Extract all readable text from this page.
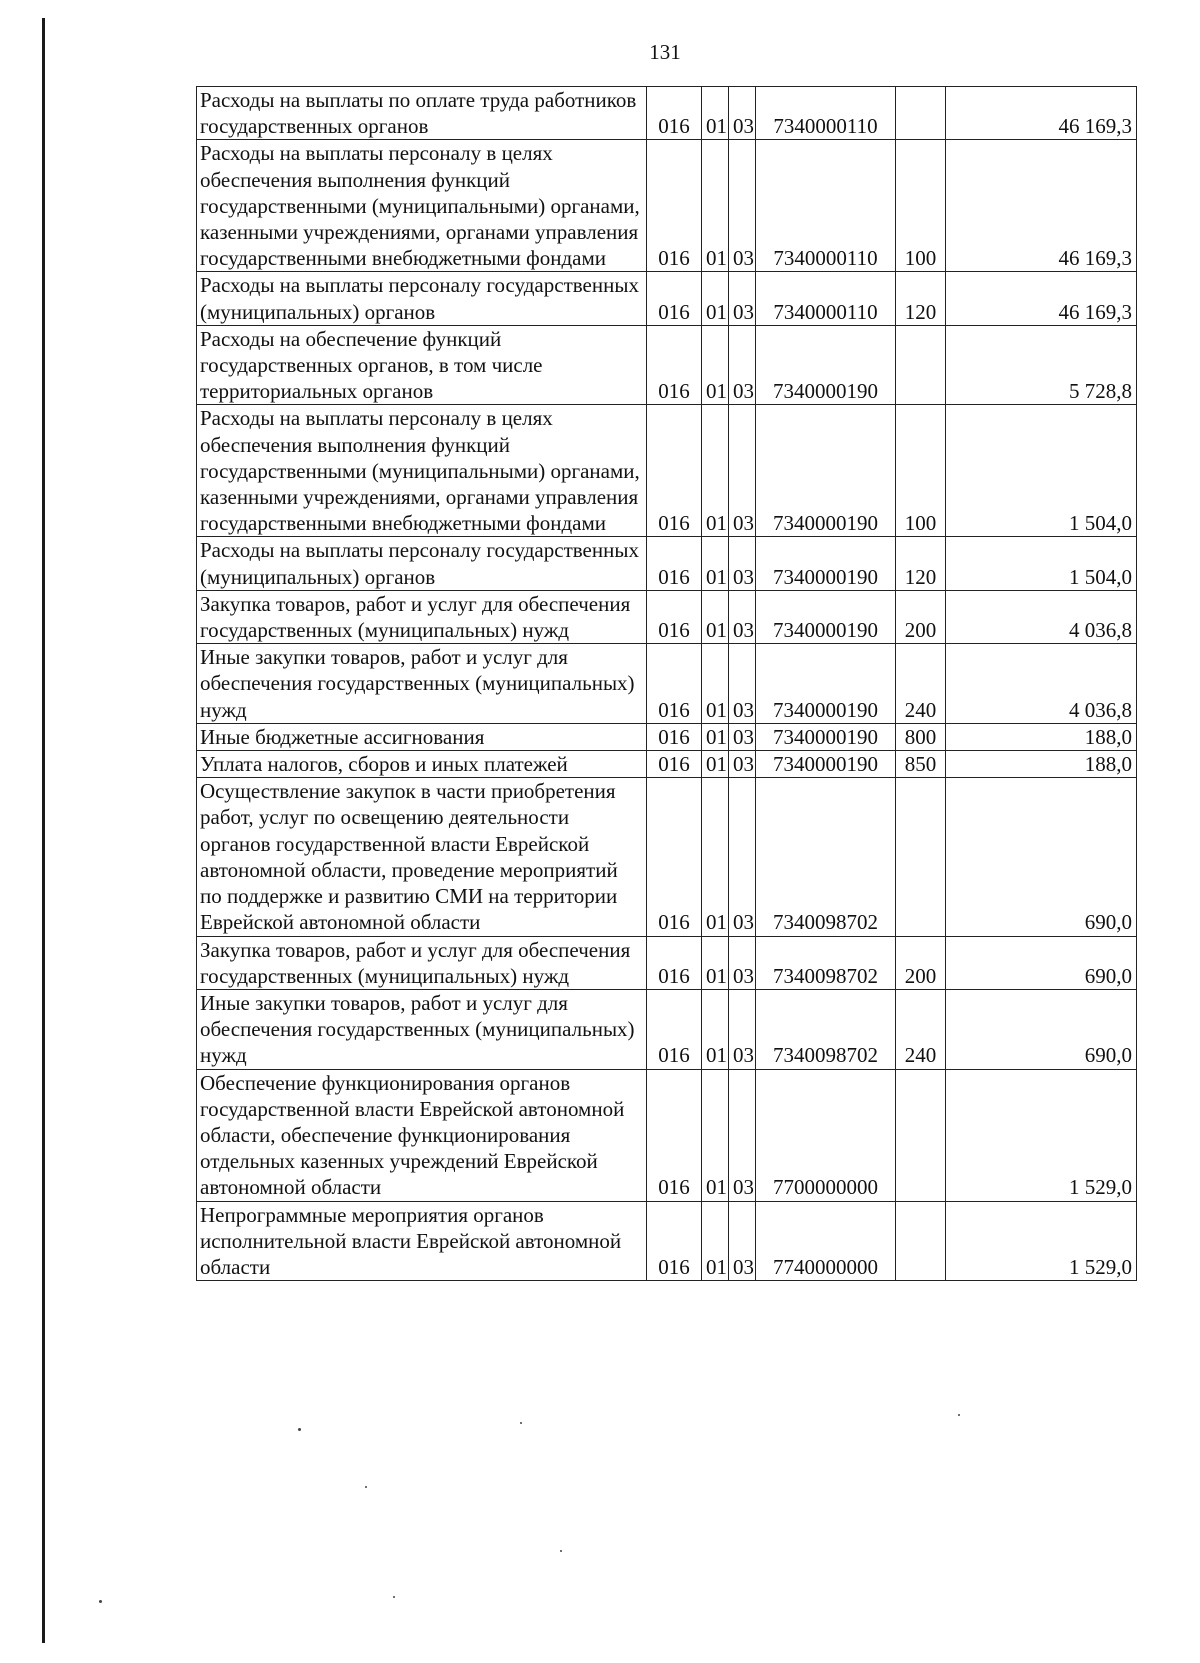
131
Расходы на выплаты по оплате труда работников государственных органов	016	01	03	7340000110		46 169,3
Расходы на выплаты персоналу в целях обеспечения выполнения функций государственными (муниципальными) органами, казенными учреждениями, органами управления государственными внебюджетными фондами	016	01	03	7340000110	100	46 169,3
Расходы на выплаты персоналу государственных (муниципальных) органов	016	01	03	7340000110	120	46 169,3
Расходы на обеспечение функций государственных органов, в том числе территориальных органов	016	01	03	7340000190		5 728,8
Расходы на выплаты персоналу в целях обеспечения выполнения функций государственными (муниципальными) органами, казенными учреждениями, органами управления государственными внебюджетными фондами	016	01	03	7340000190	100	1 504,0
Расходы на выплаты персоналу государственных (муниципальных) органов	016	01	03	7340000190	120	1 504,0
Закупка товаров, работ и услуг для обеспечения государственных (муниципальных) нужд	016	01	03	7340000190	200	4 036,8
Иные закупки товаров, работ и услуг для обеспечения государственных (муниципальных) нужд	016	01	03	7340000190	240	4 036,8
Иные бюджетные ассигнования	016	01	03	7340000190	800	188,0
Уплата налогов, сборов и иных платежей	016	01	03	7340000190	850	188,0
Осуществление закупок в части приобретения работ, услуг по освещению деятельности органов государственной власти Еврейской автономной области, проведение мероприятий по поддержке и развитию СМИ на территории Еврейской автономной области	016	01	03	7340098702		690,0
Закупка товаров, работ и услуг для обеспечения государственных (муниципальных) нужд	016	01	03	7340098702	200	690,0
Иные закупки товаров, работ и услуг для обеспечения государственных (муниципальных) нужд	016	01	03	7340098702	240	690,0
Обеспечение функционирования органов государственной власти Еврейской автономной области, обеспечение функционирования отдельных казенных учреждений Еврейской автономной области	016	01	03	7700000000		1 529,0
Непрограммные мероприятия органов исполнительной власти Еврейской автономной области	016	01	03	7740000000		1 529,0
